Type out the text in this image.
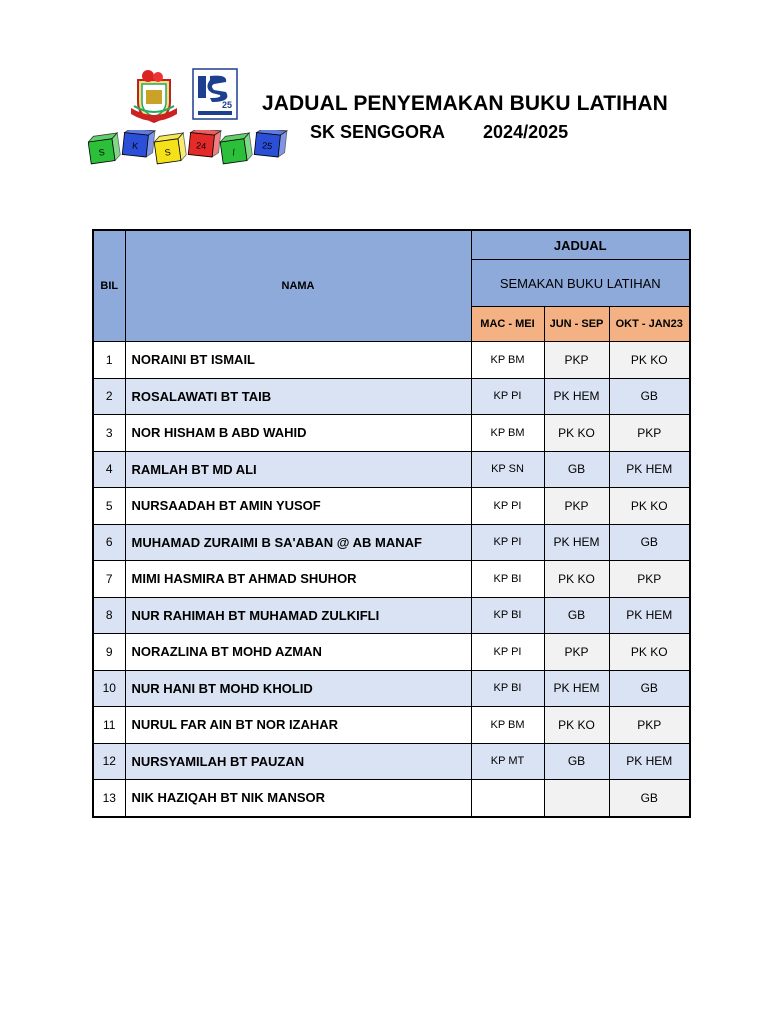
25
S
K
S
24
/
25
JADUAL PENYEMAKAN BUKU LATIHAN
SK SENGGORA 2024/2025
BIL	NAMA	JADUAL		
		SEMAKAN BUKU LATIHAN		
		MAC - MEI	JUN - SEP	OKT - JAN23
1	NORAINI BT ISMAIL	KP BM	PKP	PK KO
2	ROSALAWATI BT TAIB	KP PI	PK HEM	GB
3	NOR HISHAM B ABD WAHID	KP BM	PK KO	PKP
4	RAMLAH BT MD ALI	KP SN	GB	PK HEM
5	NURSAADAH BT AMIN YUSOF	KP PI	PKP	PK KO
6	MUHAMAD ZURAIMI B SA'ABAN @ AB MANAF	KP PI	PK HEM	GB
7	MIMI HASMIRA BT AHMAD SHUHOR	KP BI	PK KO	PKP
8	NUR RAHIMAH BT MUHAMAD ZULKIFLI	KP BI	GB	PK HEM
9	NORAZLINA BT MOHD AZMAN	KP PI	PKP	PK KO
10	NUR HANI BT MOHD KHOLID	KP BI	PK HEM	GB
11	NURUL FAR AIN BT NOR IZAHAR	KP BM	PK KO	PKP
12	NURSYAMILAH BT PAUZAN	KP MT	GB	PK HEM
13	NIK HAZIQAH BT NIK MANSOR			GB
